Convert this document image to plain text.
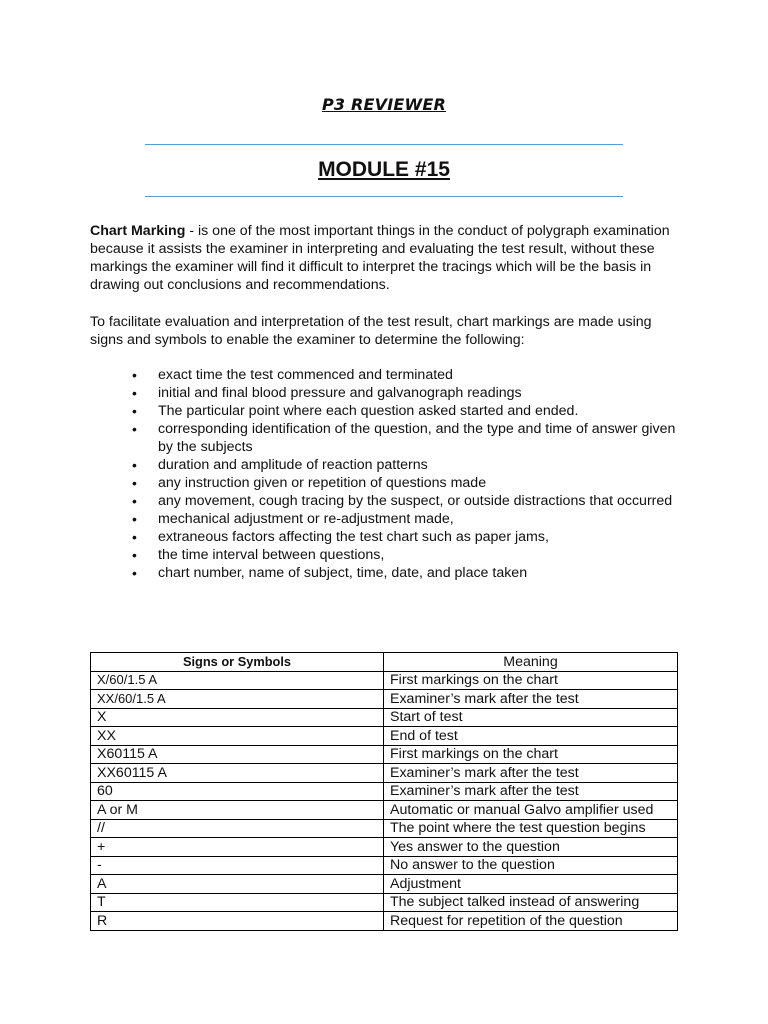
P3 REVIEWER
MODULE #15

Chart Marking - is one of the most important things in the conduct of polygraph examination because it assists the examiner in interpreting and evaluating the test result, without these markings the examiner will find it difficult to interpret the tracings which will be the basis in drawing out conclusions and recommendations.

To facilitate evaluation and interpretation of the test result, chart markings are made using signs and symbols to enable the examiner to determine the following:

• exact time the test commenced and terminated
• initial and final blood pressure and galvanograph readings
• The particular point where each question asked started and ended.
• corresponding identification of the question, and the type and time of answer given by the subjects
• duration and amplitude of reaction patterns
• any instruction given or repetition of questions made
• any movement, cough tracing by the suspect, or outside distractions that occurred
• mechanical adjustment or re-adjustment made,
• extraneous factors affecting the test chart such as paper jams,
• the time interval between questions,
• chart number, name of subject, time, date, and place taken
Signs or Symbols	Meaning
X/60/1.5 A	First markings on the chart
XX/60/1.5 A	Examiner’s mark after the test
X	Start of test
XX	End of test
X60115 A	First markings on the chart
XX60115 A	Examiner’s mark after the test
60	Examiner’s mark after the test
A or M	Automatic or manual Galvo amplifier used
//	The point where the test question begins
+	Yes answer to the question
-	No answer to the question
A	Adjustment
T	The subject talked instead of answering
R	Request for repetition of the question
